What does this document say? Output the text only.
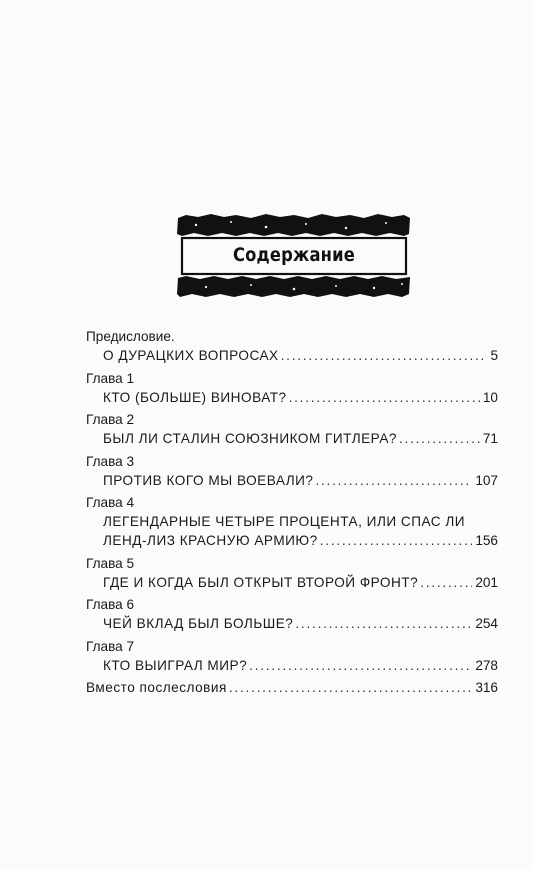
Содержание
Предисловие.
О ДУРАЦКИХ ВОПРОСАХ . . .	5
Глава 1
КТО (БОЛЬШЕ) ВИНОВАТ? . . .	10
Глава 2
БЫЛ ЛИ СТАЛИН СОЮЗНИКОМ ГИТЛЕРА? . . .	71
Глава 3
ПРОТИВ КОГО МЫ ВОЕВАЛИ? . . .	107
Глава 4
ЛЕГЕНДАРНЫЕ ЧЕТЫРЕ ПРОЦЕНТА, ИЛИ СПАС ЛИ
ЛЕНД-ЛИЗ КРАСНУЮ АРМИЮ? . . .	156
Глава 5
ГДЕ И КОГДА БЫЛ ОТКРЫТ ВТОРОЙ ФРОНТ? . . .	201
Глава 6
ЧЕЙ ВКЛАД БЫЛ БОЛЬШЕ? . . .	254
Глава 7
КТО ВЫИГРАЛ МИР? . . .	278
Вместо послесловия . . .	316
